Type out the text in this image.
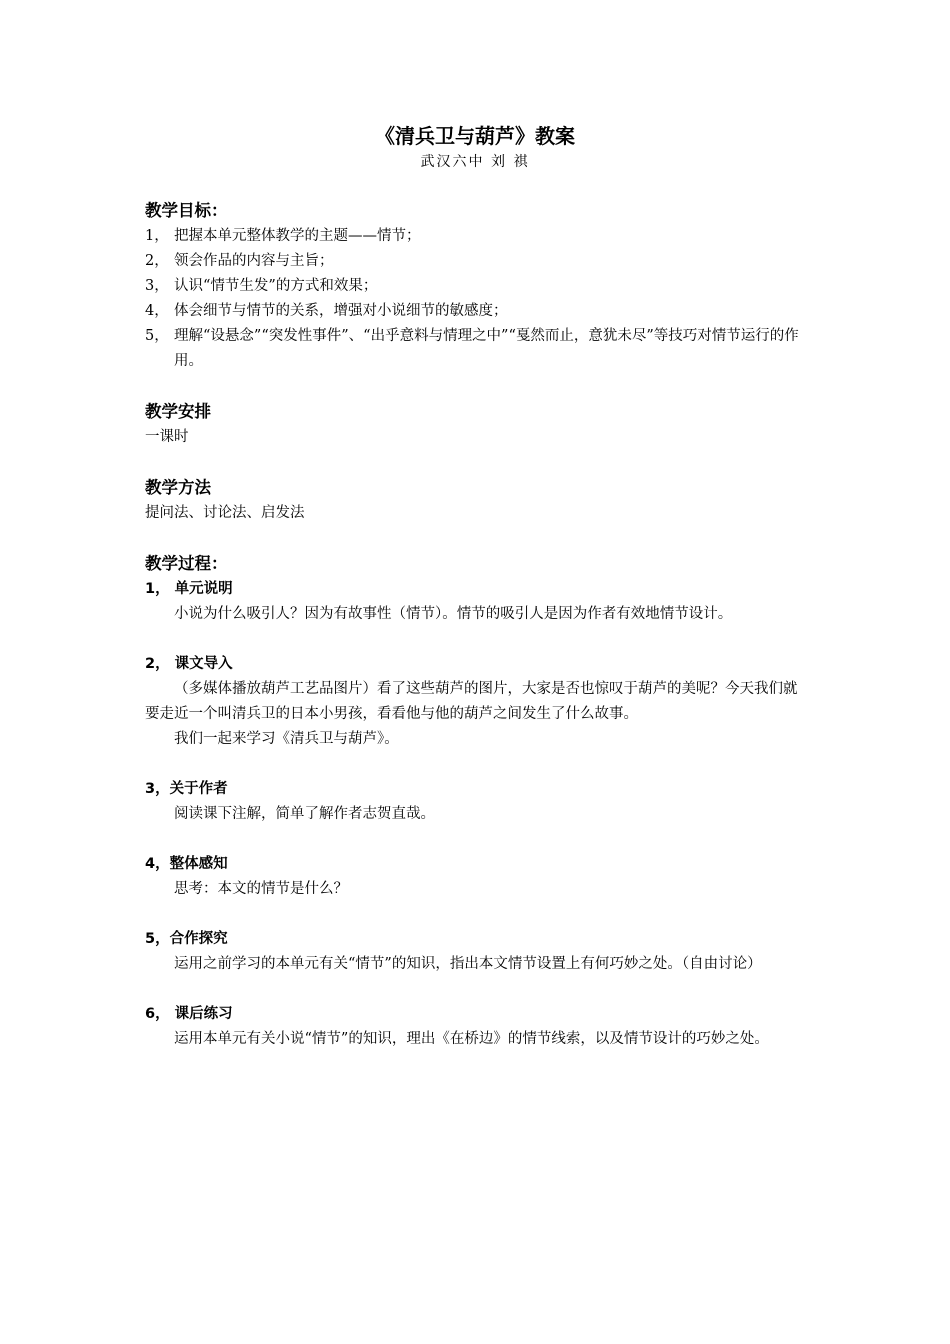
《清兵卫与葫芦》教案
武汉六中 刘 祺

教学目标：

1， 把握本单元整体教学的主题——情节；
2， 领会作品的内容与主旨；
3， 认识“情节生发”的方式和效果；
4， 体会细节与情节的关系，增强对小说细节的敏感度；
5， 理解“设悬念”“突发性事件”、“出乎意料与情理之中”“戛然而止，意犹未尽”等技巧对情节运行的作用。

教学安排

一课时

教学方法

提问法、讨论法、启发法

教学过程：

1， 单元说明

小说为什么吸引人？因为有故事性（情节）。情节的吸引人是因为作者有效地情节设计。

2， 课文导入

（多媒体播放葫芦工艺品图片）看了这些葫芦的图片，大家是否也惊叹于葫芦的美呢？今天我们就要走近一个叫清兵卫的日本小男孩，看看他与他的葫芦之间发生了什么故事。

我们一起来学习《清兵卫与葫芦》。

3，关于作者

阅读课下注解，简单了解作者志贺直哉。

4，整体感知

思考：本文的情节是什么？

5，合作探究

运用之前学习的本单元有关“情节”的知识，指出本文情节设置上有何巧妙之处。（自由讨论）

6， 课后练习

运用本单元有关小说“情节”的知识，理出《在桥边》的情节线索，以及情节设计的巧妙之处。
